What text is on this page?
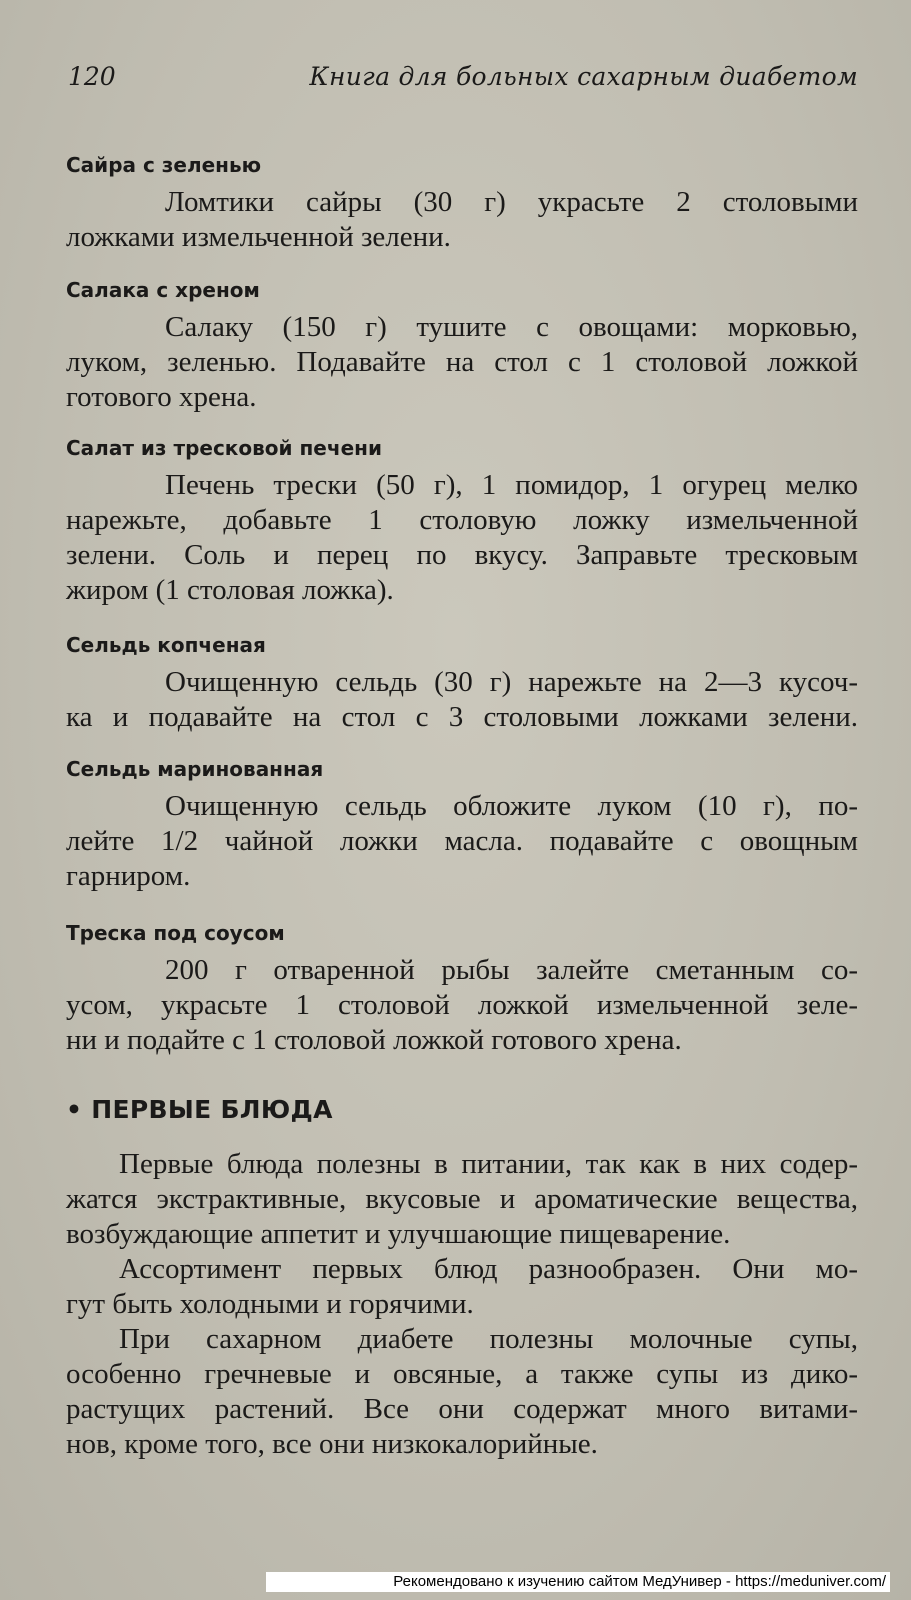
120	Книга для больных сахарным диабетом
Сайра с зеленью
Ломтики сайры (30 г) украсьте 2 столовыми
ложками измельченной зелени.
Салака с хреном
Салаку (150 г) тушите с овощами: морковью,
луком, зеленью. Подавайте на стол с 1 столовой ложкой
готового хрена.
Салат из тресковой печени
Печень трески (50 г), 1 помидор, 1 огурец мелко
нарежьте, добавьте 1 столовую ложку измельченной
зелени. Соль и перец по вкусу. Заправьте тресковым
жиром (1 столовая ложка).
Сельдь копченая
Очищенную сельдь (30 г) нарежьте на 2—3 кусоч-
ка и подавайте на стол с 3 столовыми ложками зелени.
Сельдь маринованная
Очищенную сельдь обложите луком (10 г), по-
лейте 1/2 чайной ложки масла. подавайте с овощным
гарниром.
Треска под соусом
200 г отваренной рыбы залейте сметанным со-
усом, украсьте 1 столовой ложкой измельченной зеле-
ни и подайте с 1 столовой ложкой готового хрена.
• ПЕРВЫЕ БЛЮДА
Первые блюда полезны в питании, так как в них содер-
жатся экстрактивные, вкусовые и ароматические вещества,
возбуждающие аппетит и улучшающие пищеварение.
Ассортимент первых блюд разнообразен. Они мо-
гут быть холодными и горячими.
При сахарном диабете полезны молочные супы,
особенно гречневые и овсяные, а также супы из дико-
растущих растений. Все они содержат много витами-
нов, кроме того, все они низкокалорийные.
Рекомендовано к изучению сайтом МедУнивер - https://meduniver.com/
